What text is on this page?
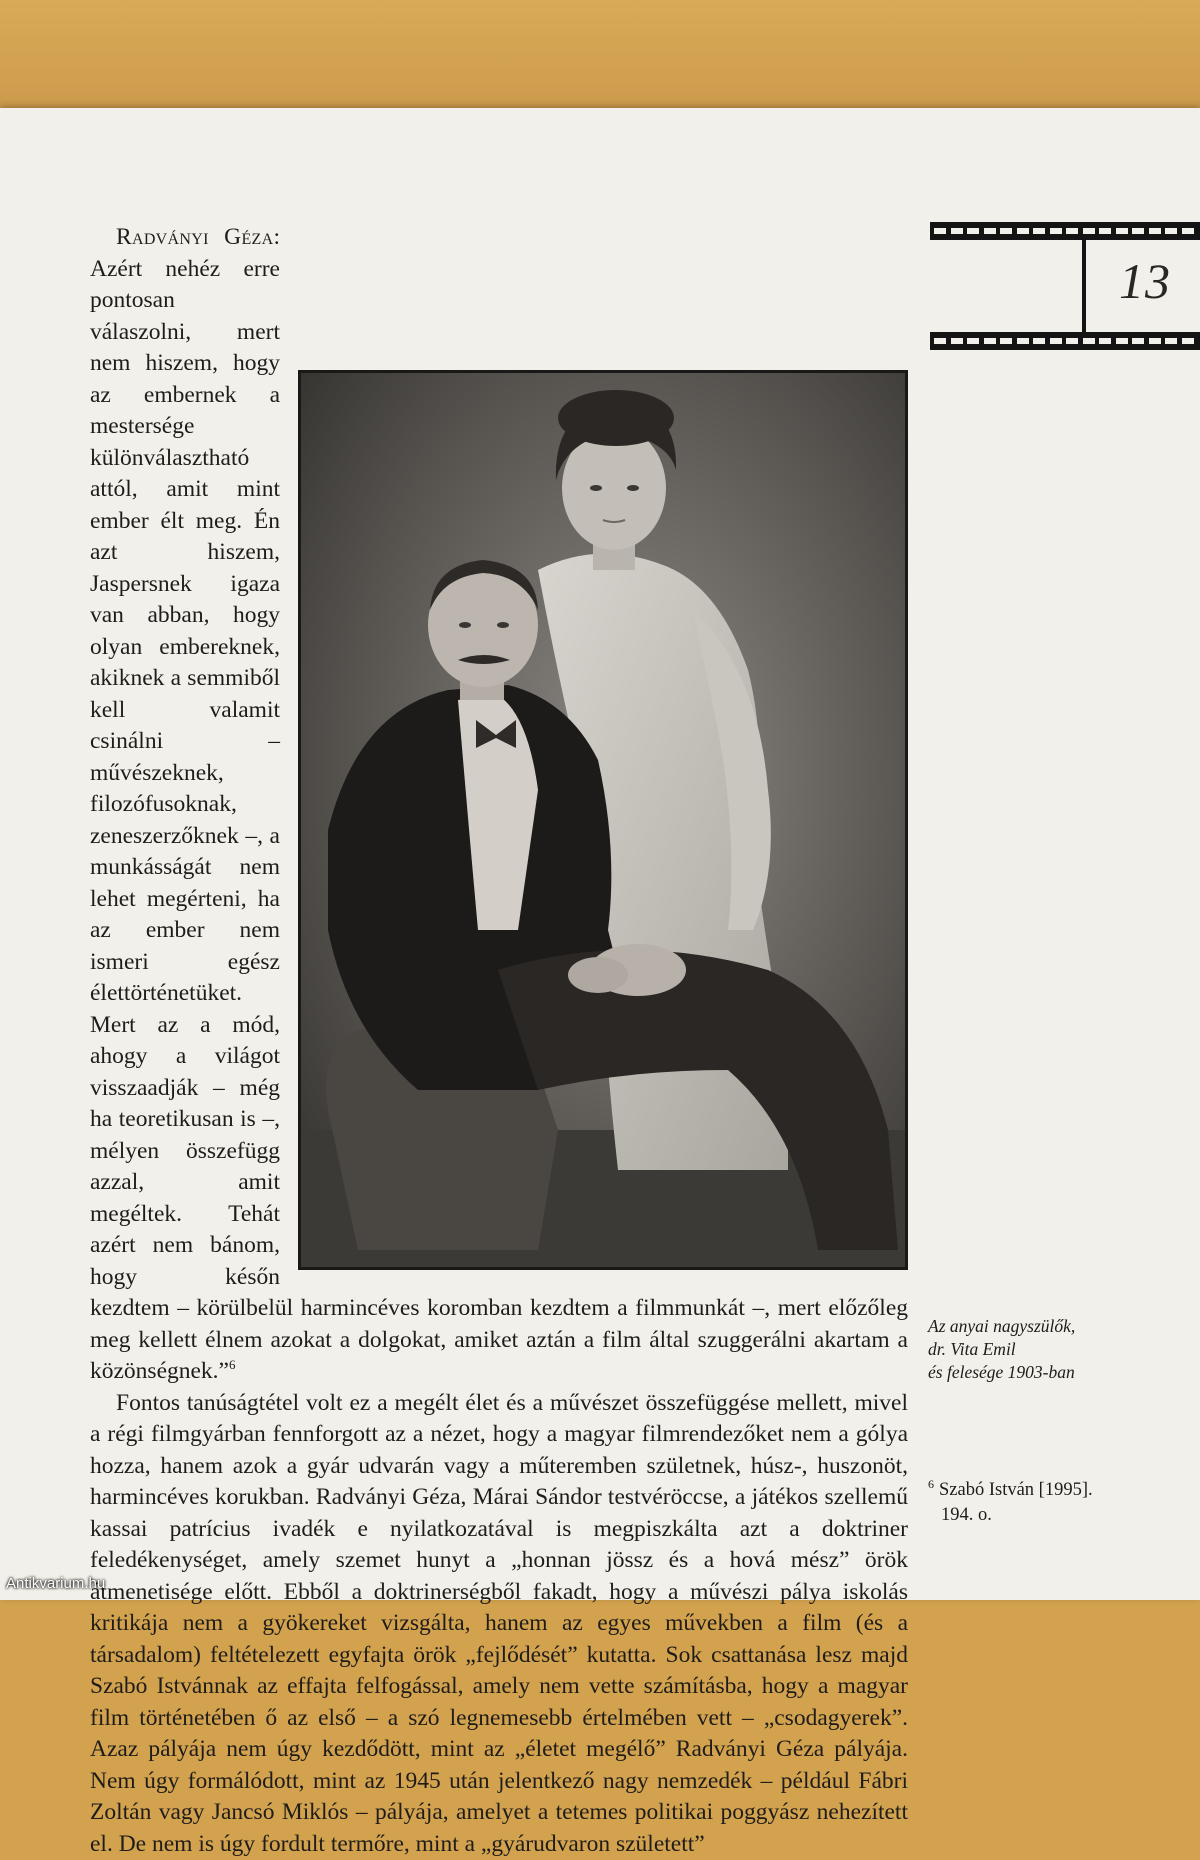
13

Radványi Géza: Azért nehéz erre pontosan válaszolni, mert nem hiszem, hogy az embernek a mestersége különválasztható attól, amit mint ember élt meg. Én azt hiszem, Jaspersnek igaza van abban, hogy olyan embereknek, akiknek a semmiből kell valamit csinálni – művészeknek, filozófusoknak, zeneszerzőknek –, a munkásságát nem lehet megérteni, ha az ember nem ismeri egész élettörténetüket. Mert az a mód, ahogy a világot visszaadják – még ha teoretikusan is –, mélyen összefügg azzal, amit megéltek. Tehát azért nem bánom, hogy későn kezdtem – körülbelül harmincéves koromban kezdtem a filmmunkát –, mert előzőleg meg kellett élnem azokat a dolgokat, amiket aztán a film által szuggerálni akartam a közönségnek.”$^6$

Fontos tanúságtétel volt ez a megélt élet és a művészet összefüggése mellett, mivel a régi filmgyárban fennforgott az a nézet, hogy a magyar filmrendezőket nem a gólya hozza, hanem azok a gyár udvarán vagy a műteremben születnek, húsz-, huszonöt, harmincéves korukban. Radványi Géza, Márai Sándor testvéröccse, a játékos szellemű kassai patrícius ivadék e nyilatkozatával is megpiszkálta azt a doktriner feledékenységet, amely szemet hunyt a „honnan jössz és a hová mész” örök átmenetisége előtt. Ebből a doktrinerségből fakadt, hogy a művészi pálya iskolás kritikája nem a gyökereket vizsgálta, hanem az egyes művekben a film (és a társadalom) feltételezett egyfajta örök „fejlődését” kutatta. Sok csattanása lesz majd Szabó Istvánnak az effajta felfogással, amely nem vette számításba, hogy a magyar film történetében ő az első – a szó legnemesebb értelmében vett – „csodagyerek”. Azaz pályája nem úgy kezdődött, mint az „életet megélő” Radványi Géza pályája. Nem úgy formálódott, mint az 1945 után jelentkező nagy nemzedék – például Fábri Zoltán vagy Jancsó Miklós – pályája, amelyet a tetemes politikai poggyász nehezített el. De nem is úgy fordult termőre, mint a „gyárudvaron született”

Az anyai nagyszülők,
dr. Vita Emil
és felesége 1903-ban
$^6$ Szabó István [1995].
194. o.
Antikvarium.hu
